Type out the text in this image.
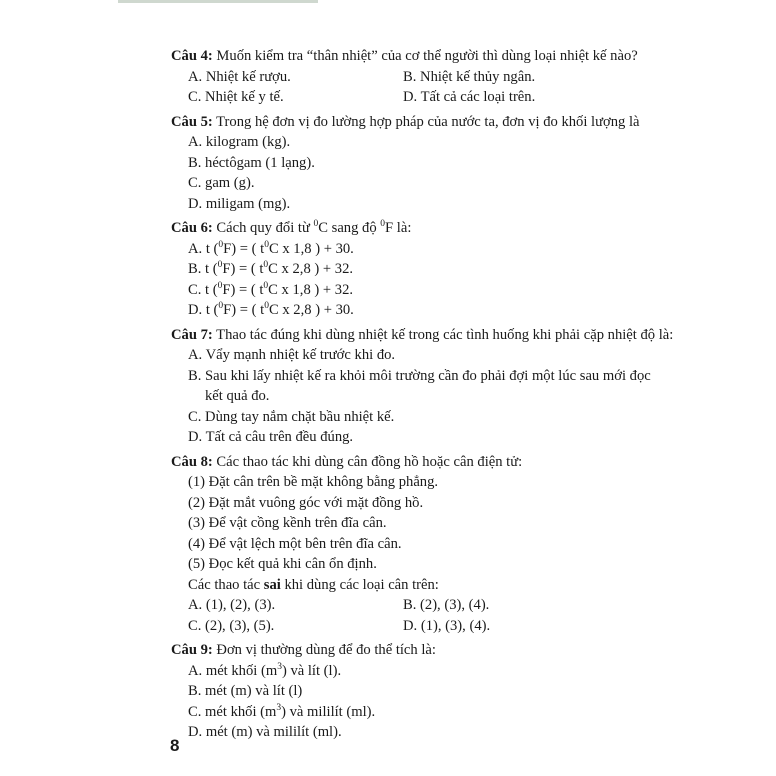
Câu 4: Muốn kiểm tra “thân nhiệt” của cơ thể người thì dùng loại nhiệt kế nào?
A. Nhiệt kế rượu.	B. Nhiệt kế thủy ngân.
C. Nhiệt kế y tế.	D. Tất cả các loại trên.
Câu 5: Trong hệ đơn vị đo lường hợp pháp của nước ta, đơn vị đo khối lượng là
A. kilogram (kg).
B. héctôgam (1 lạng).
C. gam (g).
D. miligam (mg).
Câu 6: Cách quy đổi từ $^0$C sang độ $^0$F là:
A. t ($^0$F) = ( $t^0C$ x 1,8 ) + 30.
B. t ($^0$F) = ( $t^0C$ x 2,8 ) + 32.
C. t ($^0$F) = ( $t^0C$ x 1,8 ) + 32.
D. t ($^0$F) = ( $t^0C$ x 2,8 ) + 30.
Câu 7: Thao tác đúng khi dùng nhiệt kế trong các tình huống khi phải cặp nhiệt độ là:
A. Vẩy mạnh nhiệt kế trước khi đo.
B. Sau khi lấy nhiệt kế ra khỏi môi trường cần đo phải đợi một lúc sau mới đọc kết quả đo.
C. Dùng tay nắm chặt bầu nhiệt kế.
D. Tất cả câu trên đều đúng.
Câu 8: Các thao tác khi dùng cân đồng hồ hoặc cân điện tử:
(1) Đặt cân trên bề mặt không bằng phẳng.
(2) Đặt mắt vuông góc với mặt đồng hồ.
(3) Để vật cồng kềnh trên đĩa cân.
(4) Để vật lệch một bên trên đĩa cân.
(5) Đọc kết quả khi cân ổn định.
Các thao tác sai khi dùng các loại cân trên:
A. (1), (2), (3).	B. (2), (3), (4).
C. (2), (3), (5).	D. (1), (3), (4).
Câu 9: Đơn vị thường dùng để đo thể tích là:
A. mét khối $(m^3)$ và lít (l).
B. mét (m) và lít (l)
C. mét khối $(m^3)$ và mililít (ml).
D. mét (m) và mililít (ml).
8
